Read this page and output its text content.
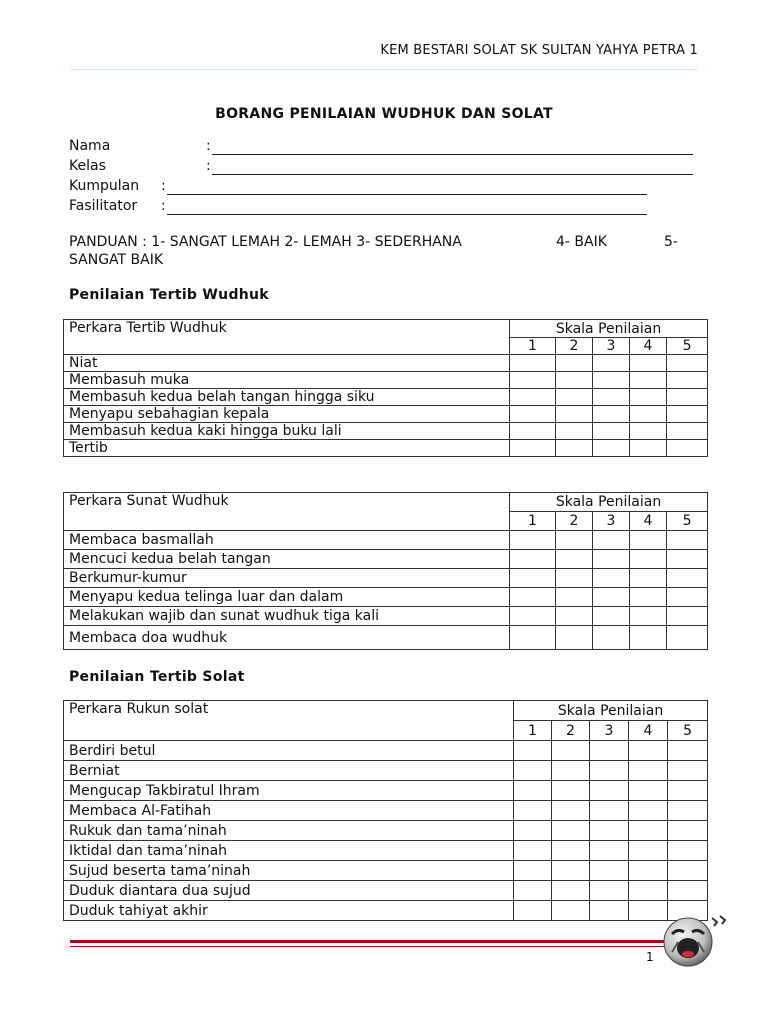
KEM BESTARI SOLAT SK SULTAN YAHYA PETRA 1
BORANG PENILAIAN WUDHUK DAN SOLAT
Nama	:
Kelas	:
Kumpulan :
Fasilitator :
PANDUAN : 1- SANGAT LEMAH 2- LEMAH 3- SEDERHANA	4- BAIK	5-

SANGAT BAIK
Penilaian Tertib Wudhuk
Perkara Tertib Wudhuk	Skala Penilaian				
	1	2	3	4	5
Niat					
Membasuh muka					
Membasuh kedua belah tangan hingga siku					
Menyapu sebahagian kepala					
Membasuh kedua kaki hingga buku lali					
Tertib					
Perkara Sunat Wudhuk	Skala Penilaian				
	1	2	3	4	5
Membaca basmallah					
Mencuci kedua belah tangan					
Berkumur-kumur					
Menyapu kedua telinga luar dan dalam					
Melakukan wajib dan sunat wudhuk tiga kali					
Membaca doa wudhuk					
Penilaian Tertib Solat
Perkara Rukun solat	Skala Penilaian				
	1	2	3	4	5
Berdiri betul					
Berniat					
Mengucap Takbiratul Ihram					
Membaca Al-Fatihah					
Rukuk dan tama’ninah					
Iktidal dan tama’ninah					
Sujud beserta tama’ninah					
Duduk diantara dua sujud					
Duduk tahiyat akhir					
1
